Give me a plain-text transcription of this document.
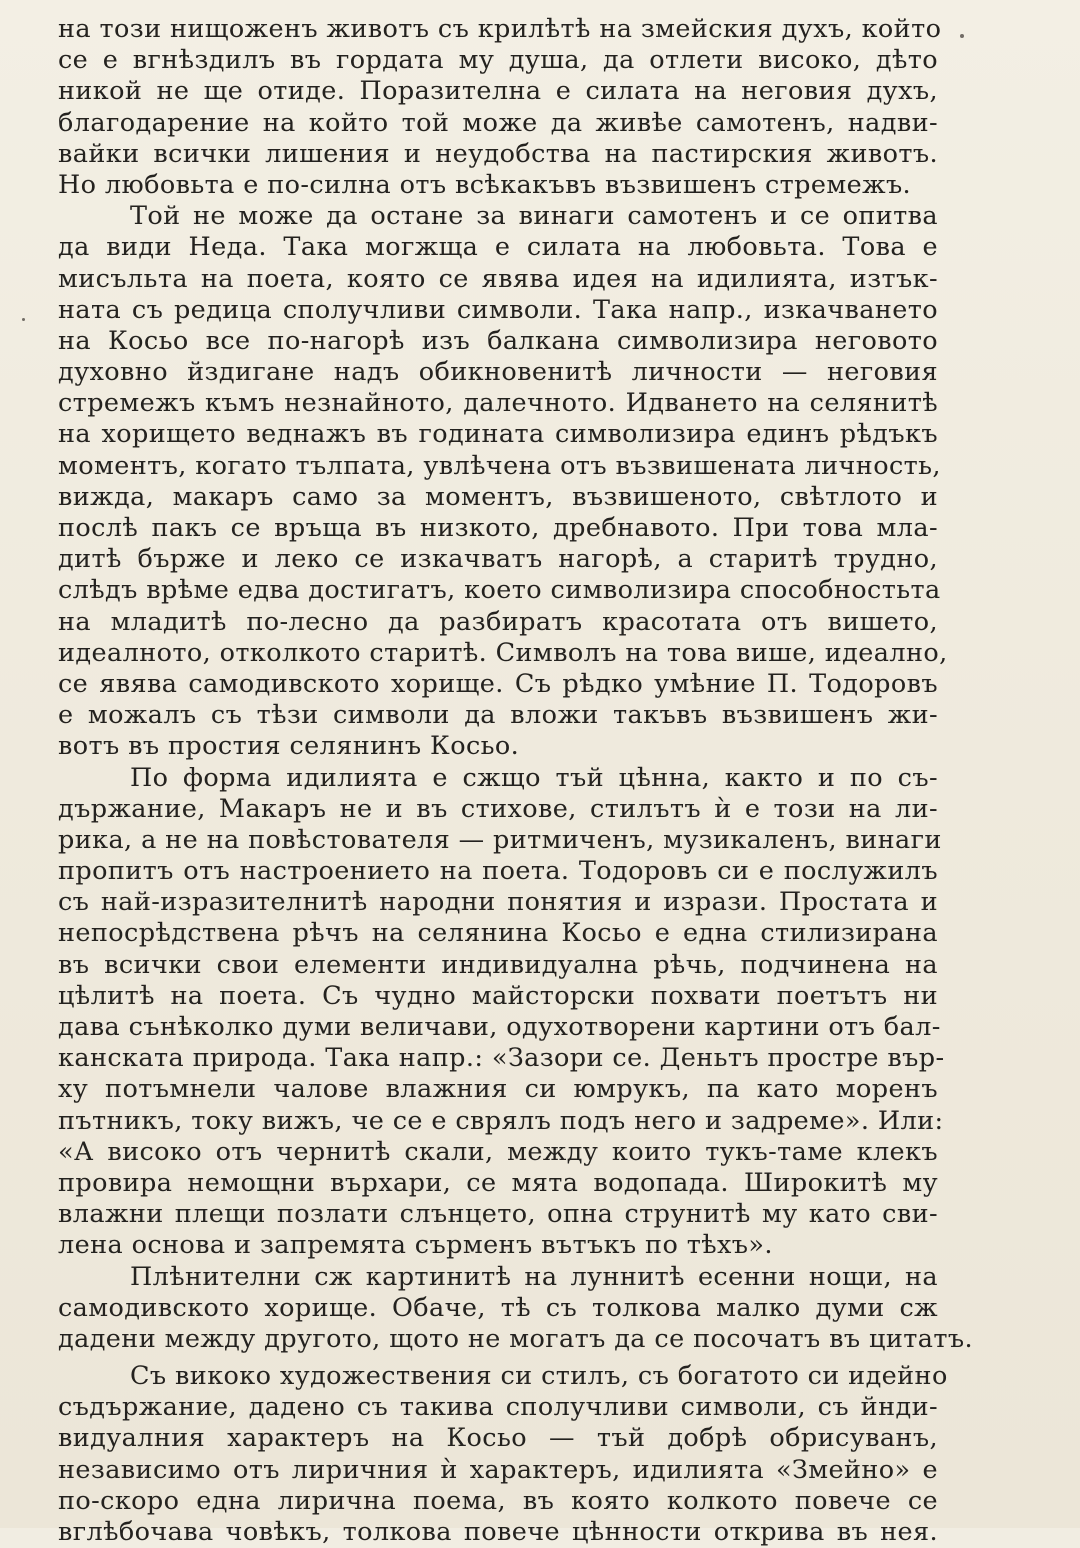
на този нищоженъ животъ съ крилѣтѣ на змейския духъ, който
се е вгнѣздилъ въ гордата му душа, да отлети високо, дѣто
никой не ще отиде. Поразителна е силата на неговия духъ,
благодарение на който той може да живѣе самотенъ, надви-
вайки всички лишения и неудобства на пастирския животъ.
Но любовьта е по-силна отъ всѣкакъвъ възвишенъ стремежъ.
Той не може да остане за винаги самотенъ и се опитва
да види Неда. Така могжща е силата на любовьта. Това е
мисъльта на поета, която се явява идея на идилията, изтък-
ната съ редица сполучливи символи. Така напр., изкачването
на Косьо все по-нагорѣ изъ балкана символизира неговото
духовно йздигане надъ обикновенитѣ личности — неговия
стремежъ къмъ незнайното, далечното. Идването на селянитѣ
на хорището веднажъ въ годината символизира единъ рѣдъкъ
моментъ, когато тълпата, увлѣчена отъ възвишената личность,
вижда, макаръ само за моментъ, възвишеното, свѣтлото и
послѣ пакъ се връща въ низкото, дребнавото. При това мла-
дитѣ бърже и леко се изкачватъ нагорѣ, а старитѣ трудно,
слѣдъ врѣме едва достигатъ, което символизира способностьта
на младитѣ по-лесно да разбиратъ красотата отъ вишето,
идеалното, отколкото старитѣ. Символъ на това више, идеално,
се явява самодивското хорище. Съ рѣдко умѣние П. Тодоровъ
е можалъ съ тѣзи символи да вложи такъвъ възвишенъ жи-
вотъ въ простия селянинъ Косьо.
По форма идилията е сжщо тъй цѣнна, както и по съ-
държание, Макаръ не и въ стихове, стилътъ ѝ е този на ли-
рика, а не на повѣстователя — ритмиченъ, музикаленъ, винаги
пропитъ отъ настроението на поета. Тодоровъ си е послужилъ
съ най-изразителнитѣ народни понятия и изрази. Простата и
непосрѣдствена рѣчъ на селянина Косьо е една стилизирана
въ всички свои елементи индивидуална рѣчь, подчинена на
цѣлитѣ на поета. Съ чудно майсторски похвати поетътъ ни
дава сънѣколко думи величави, одухотворени картини отъ бал-
канската природа. Така напр.: «Зазори се. Деньтъ простре вър-
ху потъмнели чалове влажния си юмрукъ, па като моренъ
пътникъ, току вижъ, че се е сврялъ подъ него и задреме». Или:
«А високо отъ чернитѣ скали, между които тукъ-таме клекъ
провира немощни върхари, се мята водопада. Широкитѣ му
влажни плещи позлати слънцето, опна струнитѣ му като сви-
лена основа и запремята сърменъ вътъкъ по тѣхъ».
Плѣнителни сж картинитѣ на луннитѣ есенни нощи, на
самодивското хорище. Обаче, тѣ съ толкова малко думи сж
дадени между другото, щото не могатъ да се посочатъ въ цитатъ.
Съ викоко художествения си стилъ, съ богатото си идейно
съдържание, дадено съ такива сполучливи символи, съ йнди-
видуалния характеръ на Косьо — тъй добрѣ обрисуванъ,
независимо отъ лиричния ѝ характеръ, идилията «Змейно» е
по-скоро една лирична поема, въ която колкото повече се
вглѣбочава човѣкъ, толкова повече цѣнности открива въ нея.
